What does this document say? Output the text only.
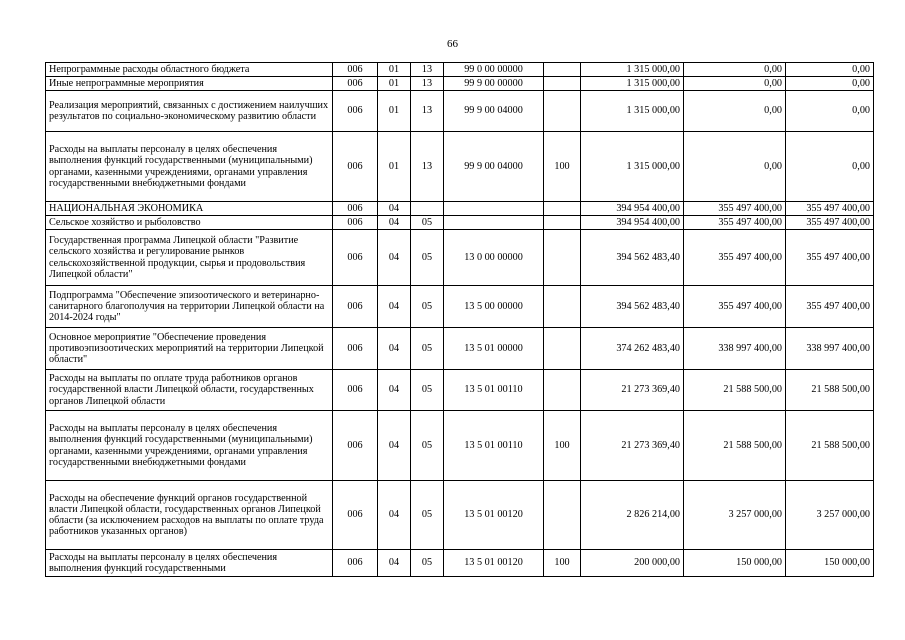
66
Непрограммные расходы областного бюджета	006	01	13	99 0 00 00000		1 315 000,00	0,00	0,00
Иные непрограммные мероприятия	006	01	13	99 9 00 00000		1 315 000,00	0,00	0,00
Реализация мероприятий, связанных с достижением наилучших результатов по социально-экономическому развитию области	006	01	13	99 9 00 04000		1 315 000,00	0,00	0,00
Расходы на выплаты персоналу в целях обеспечения выполнения функций государственными (муниципальными) органами, казенными учреждениями, органами управления государственными внебюджетными фондами	006	01	13	99 9 00 04000	100	1 315 000,00	0,00	0,00
НАЦИОНАЛЬНАЯ ЭКОНОМИКА	006	04				394 954 400,00	355 497 400,00	355 497 400,00
Сельское хозяйство и рыболовство	006	04	05			394 954 400,00	355 497 400,00	355 497 400,00
Государственная программа Липецкой области "Развитие сельского хозяйства и регулирование рынков сельскохозяйственной продукции, сырья и продовольствия Липецкой области"	006	04	05	13 0 00 00000		394 562 483,40	355 497 400,00	355 497 400,00
Подпрограмма "Обеспечение эпизоотического и ветеринарно-санитарного благополучия на территории Липецкой области на 2014-2024 годы"	006	04	05	13 5 00 00000		394 562 483,40	355 497 400,00	355 497 400,00
Основное мероприятие "Обеспечение проведения противоэпизоотических мероприятий на территории Липецкой области"	006	04	05	13 5 01 00000		374 262 483,40	338 997 400,00	338 997 400,00
Расходы на выплаты по оплате труда работников органов государственной власти Липецкой области, государственных органов Липецкой области	006	04	05	13 5 01 00110		21 273 369,40	21 588 500,00	21 588 500,00
Расходы на выплаты персоналу в целях обеспечения выполнения функций государственными (муниципальными) органами, казенными учреждениями, органами управления государственными внебюджетными фондами	006	04	05	13 5 01 00110	100	21 273 369,40	21 588 500,00	21 588 500,00
Расходы на обеспечение функций органов государственной власти Липецкой области, государственных органов Липецкой области (за исключением расходов на выплаты по оплате труда работников указанных органов)	006	04	05	13 5 01 00120		2 826 214,00	3 257 000,00	3 257 000,00
Расходы на выплаты персоналу в целях обеспечения выполнения функций государственными	006	04	05	13 5 01 00120	100	200 000,00	150 000,00	150 000,00
